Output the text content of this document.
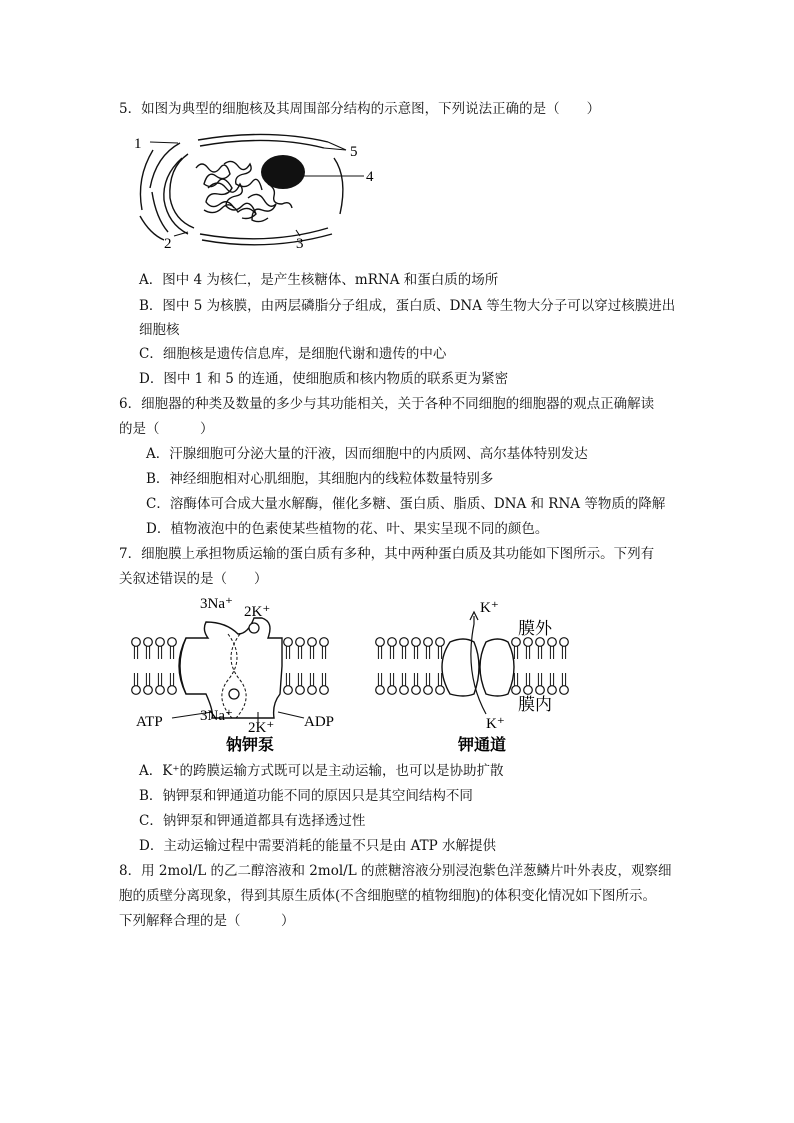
5．如图为典型的细胞核及其周围部分结构的示意图，下列说法正确的是（　　）
1	5
4
2	3
A．图中 4 为核仁，是产生核糖体、mRNA 和蛋白质的场所
B．图中 5 为核膜，由两层磷脂分子组成，蛋白质、DNA 等生物大分子可以穿过核膜进出
细胞核
C．细胞核是遗传信息库，是细胞代谢和遗传的中心
D．图中 1 和 5 的连通，使细胞质和核内物质的联系更为紧密
6．细胞器的种类及数量的多少与其功能相关，关于各种不同细胞的细胞器的观点正确解读
的是（　　　）
A．汗腺细胞可分泌大量的汗液，因而细胞中的内质网、高尔基体特别发达
B．神经细胞相对心肌细胞，其细胞内的线粒体数量特别多
C．溶酶体可合成大量水解酶，催化多糖、蛋白质、脂质、DNA 和 RNA 等物质的降解
D．植物液泡中的色素使某些植物的花、叶、果实呈现不同的颜色。
7．细胞膜上承担物质运输的蛋白质有多种，其中两种蛋白质及其功能如下图所示。下列有
关叙述错误的是（　　）
3Na⁺ 2K⁺
3Na⁺
2K⁺
ATP	ADP
钠钾泵
K⁺
K⁺
膜外
膜内
钾通道
A．K⁺的跨膜运输方式既可以是主动运输，也可以是协助扩散
B．钠钾泵和钾通道功能不同的原因只是其空间结构不同
C．钠钾泵和钾通道都具有选择透过性
D．主动运输过程中需要消耗的能量不只是由 ATP 水解提供
8．用 2mol/L 的乙二醇溶液和 2mol/L 的蔗糖溶液分别浸泡紫色洋葱鳞片叶外表皮，观察细
胞的质壁分离现象，得到其原生质体(不含细胞壁的植物细胞)的体积变化情况如下图所示。
下列解释合理的是（　　　）
